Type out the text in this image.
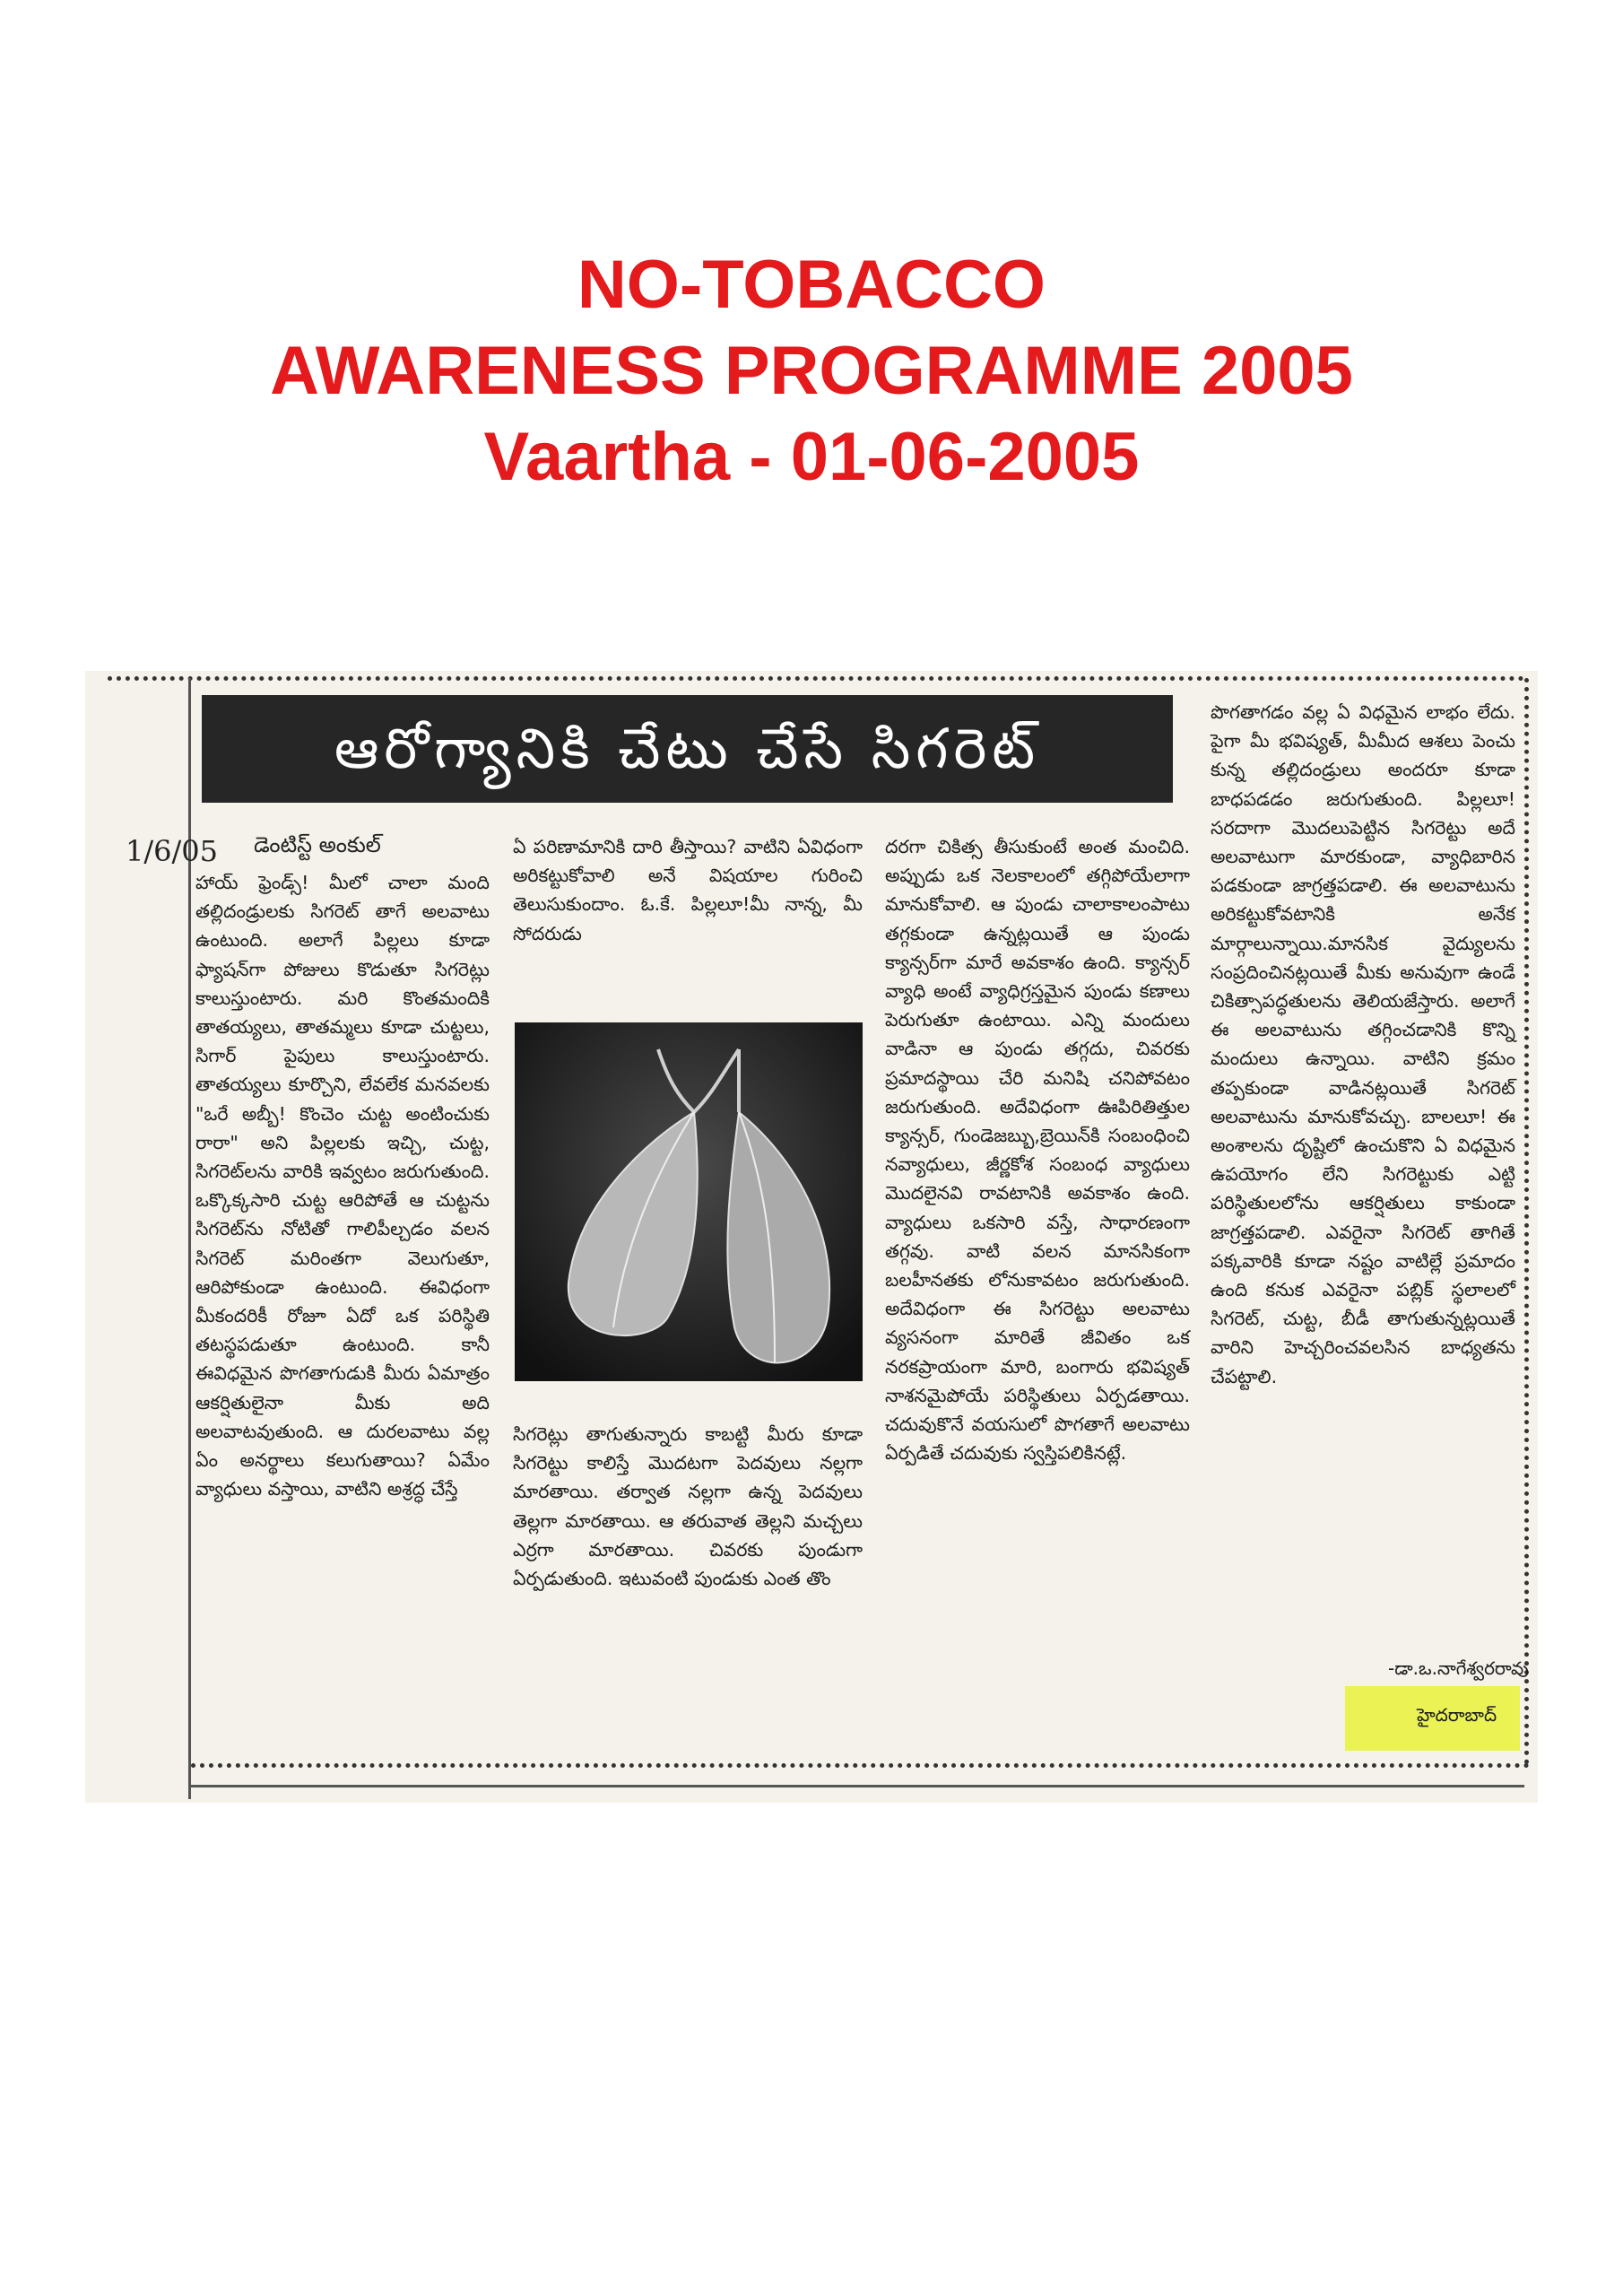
NO-TOBACCO
AWARENESS PROGRAMME 2005
Vaartha - 01-06-2005
ఆరోగ్యానికి చేటు చేసే సిగరెట్
1/6/05 డెంటిస్ట్ అంకుల్

హాయ్ ఫ్రెండ్స్! మీలో చాలా మంది తల్లిదండ్రులకు సిగరెట్ తాగే అలవాటు ఉంటుంది. అలాగే పిల్లలు కూడా ఫ్యాషన్‌గా పోజులు కొడుతూ సిగరెట్లు కాలుస్తుంటారు. మరి కొంతమందికి తాతయ్యలు, తాతమ్మలు కూడా చుట్టలు, సిగార్ పైపులు కాలుస్తుంటారు. తాతయ్యలు కూర్చొని, లేవలేక మనవలకు "ఒరే అబ్బీ! కొంచెం చుట్ట అంటించుకు రారా" అని పిల్లలకు ఇచ్చి, చుట్ట, సిగరెట్‌లను వారికి ఇవ్వటం జరుగుతుంది. ఒక్కొక్కసారి చుట్ట ఆరిపోతే ఆ చుట్టను సిగరెట్‌ను నోటితో గాలిపీల్చడం వలన సిగరెట్ మరింతగా వెలుగుతూ, ఆరిపోకుండా ఉంటుంది. ఈవిధంగా మీకందరికీ రోజూ ఏదో ఒక పరిస్థితి తటస్థపడుతూ ఉంటుంది. కానీ ఈవిధమైన పొగతాగుడుకి మీరు ఏమాత్రం ఆకర్షితులైనా మీకు అది అలవాటవుతుంది. ఆ దురలవాటు వల్ల ఏం అనర్థాలు కలుగుతాయి? ఏమేం వ్యాధులు వస్తాయి, వాటిని అశ్రద్ధ చేస్తే

ఏ పరిణామానికి దారి తీస్తాయి? వాటిని ఏవిధంగా అరికట్టుకోవాలి అనే విషయాల గురించి తెలుసుకుందాం. ఓ.కే. పిల్లలూ!మీ నాన్న, మీ సోదరుడు

సిగరెట్లు తాగుతున్నారు కాబట్టి మీరు కూడా సిగరెట్టు కాలిస్తే మొదటగా పెదవులు నల్లగా మారతాయి. తర్వాత నల్లగా ఉన్న పెదవులు తెల్లగా మారతాయి. ఆ తరువాత తెల్లని మచ్చలు ఎర్రగా మారతాయి. చివరకు పుండుగా ఏర్పడుతుంది. ఇటువంటి పుండుకు ఎంత తొం

దరగా చికిత్స తీసుకుంటే అంత మంచిది. అప్పుడు ఒక నెలకాలంలో తగ్గిపోయేలాగా మానుకోవాలి. ఆ పుండు చాలాకాలంపాటు తగ్గకుండా ఉన్నట్లయితే ఆ పుండు క్యాన్సర్‌గా మారే అవకాశం ఉంది. క్యాన్సర్ వ్యాధి అంటే వ్యాధిగ్రస్తమైన పుండు కణాలు పెరుగుతూ ఉంటాయి. ఎన్ని మందులు వాడినా ఆ పుండు తగ్గదు, చివరకు ప్రమాదస్థాయి చేరి మనిషి చనిపోవటం జరుగుతుంది. అదేవిధంగా ఊపిరితిత్తుల క్యాన్సర్, గుండెజబ్బు,బ్రెయిన్‌కి సంబంధించి నవ్యాధులు, జీర్ణకోశ సంబంధ వ్యాధులు మొదలైనవి రావటానికి అవకాశం ఉంది. వ్యాధులు ఒకసారి వస్తే, సాధారణంగా తగ్గవు. వాటి వలన మానసికంగా బలహీనతకు లోనుకావటం జరుగుతుంది. అదేవిధంగా ఈ సిగరెట్టు అలవాటు వ్యసనంగా మారితే జీవితం ఒక నరకప్రాయంగా మారి, బంగారు భవిష్యత్ నాశనమైపోయే పరిస్థితులు ఏర్పడతాయి. చదువుకొనే వయసులో పొగతాగే అలవాటు ఏర్పడితే చదువుకు స్వస్తిపలికినట్లే.

పొగతాగడం వల్ల ఏ విధమైన లాభం లేదు. పైగా మీ భవిష్యత్, మీమీద ఆశలు పెంచు కున్న తల్లిదండ్రులు అందరూ కూడా బాధపడడం జరుగుతుంది. పిల్లలూ! సరదాగా మొదలుపెట్టిన సిగరెట్టు అదే అలవాటుగా మారకుండా, వ్యాధిబారిన పడకుండా జాగ్రత్తపడాలి. ఈ అలవాటును అరికట్టుకోవటానికి అనేక మార్గాలున్నాయి.మానసిక వైద్యులను సంప్రదించినట్లయితే మీకు అనువుగా ఉండే చికిత్సాపద్ధతులను తెలియజేస్తారు. అలాగే ఈ అలవాటును తగ్గించడానికి కొన్ని మందులు ఉన్నాయి. వాటిని క్రమం తప్పకుండా వాడినట్లయితే సిగరెట్ అలవాటును మానుకోవచ్చు. బాలలూ! ఈ అంశాలను దృష్టిలో ఉంచుకొని ఏ విధమైన ఉపయోగం లేని సిగరెట్టుకు ఎట్టి పరిస్థితులలోను ఆకర్షితులు కాకుండా జాగ్రత్తపడాలి. ఎవరైనా సిగరెట్ తాగితే పక్కవారికి కూడా నష్టం వాటిల్లే ప్రమాదం ఉంది కనుక ఎవరైనా పబ్లిక్ స్థలాలలో సిగరెట్, చుట్ట, బీడీ తాగుతున్నట్లయితే వారిని హెచ్చరించవలసిన బాధ్యతను చేపట్టాలి.

-డా.ఒ.నాగేశ్వరరావు
హైదరాబాద్
